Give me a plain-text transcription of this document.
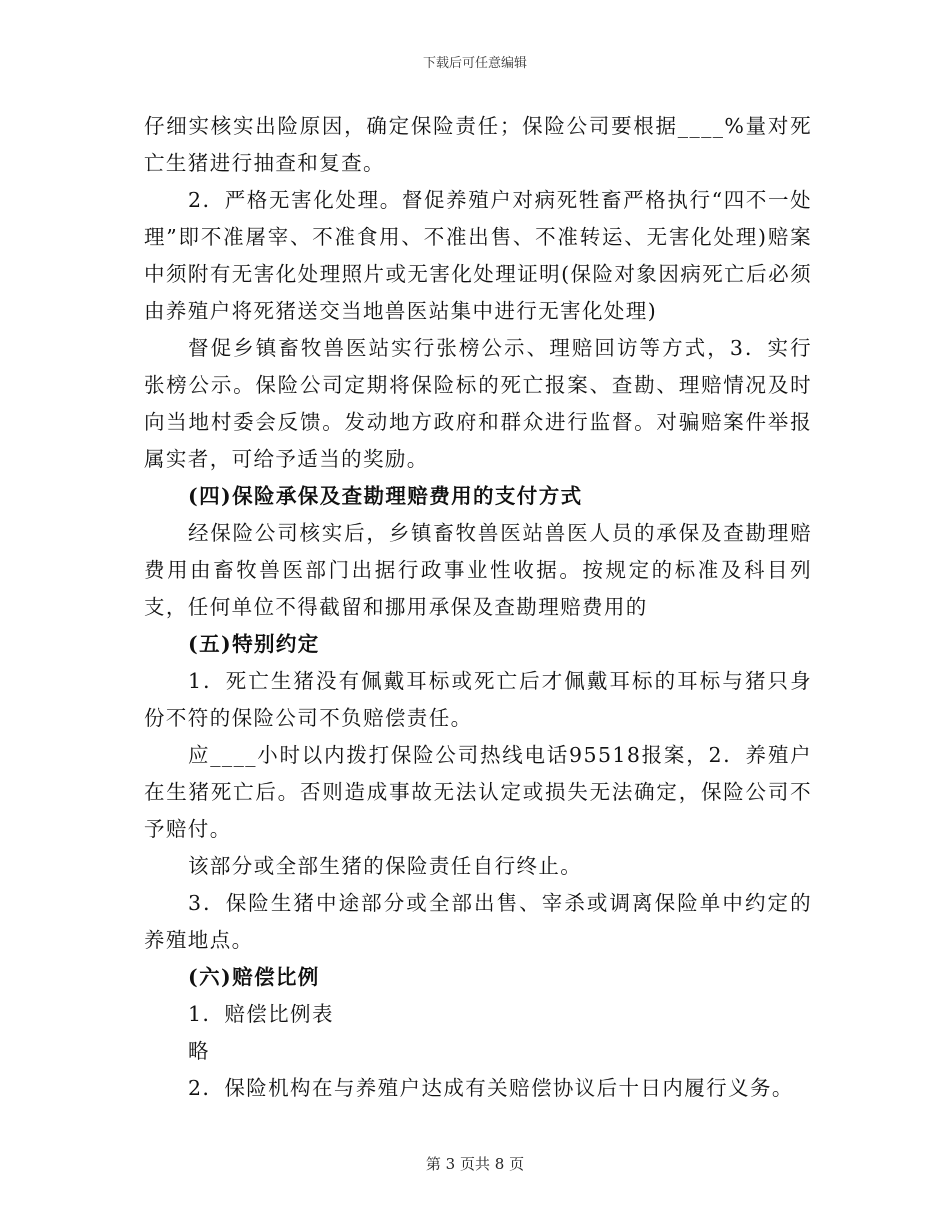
下载后可任意编辑

仔细实核实出险原因，确定保险责任；保险公司要根据____%量对死亡生猪进行抽查和复查。

2．严格无害化处理。督促养殖户对病死牲畜严格执行“四不一处理”即不准屠宰、不准食用、不准出售、不准转运、无害化处理)赔案中须附有无害化处理照片或无害化处理证明(保险对象因病死亡后必须由养殖户将死猪送交当地兽医站集中进行无害化处理)

督促乡镇畜牧兽医站实行张榜公示、理赔回访等方式，3．实行张榜公示。保险公司定期将保险标的死亡报案、查勘、理赔情况及时向当地村委会反馈。发动地方政府和群众进行监督。对骗赔案件举报属实者，可给予适当的奖励。

(四)保险承保及查勘理赔费用的支付方式

经保险公司核实后，乡镇畜牧兽医站兽医人员的承保及查勘理赔费用由畜牧兽医部门出据行政事业性收据。按规定的标准及科目列支，任何单位不得截留和挪用承保及查勘理赔费用的

(五)特别约定

1．死亡生猪没有佩戴耳标或死亡后才佩戴耳标的耳标与猪只身份不符的保险公司不负赔偿责任。

应____小时以内拨打保险公司热线电话95518报案，2．养殖户在生猪死亡后。否则造成事故无法认定或损失无法确定，保险公司不予赔付。

该部分或全部生猪的保险责任自行终止。

3．保险生猪中途部分或全部出售、宰杀或调离保险单中约定的养殖地点。

(六)赔偿比例

1．赔偿比例表

略

2．保险机构在与养殖户达成有关赔偿协议后十日内履行义务。

第 3 页共 8 页
